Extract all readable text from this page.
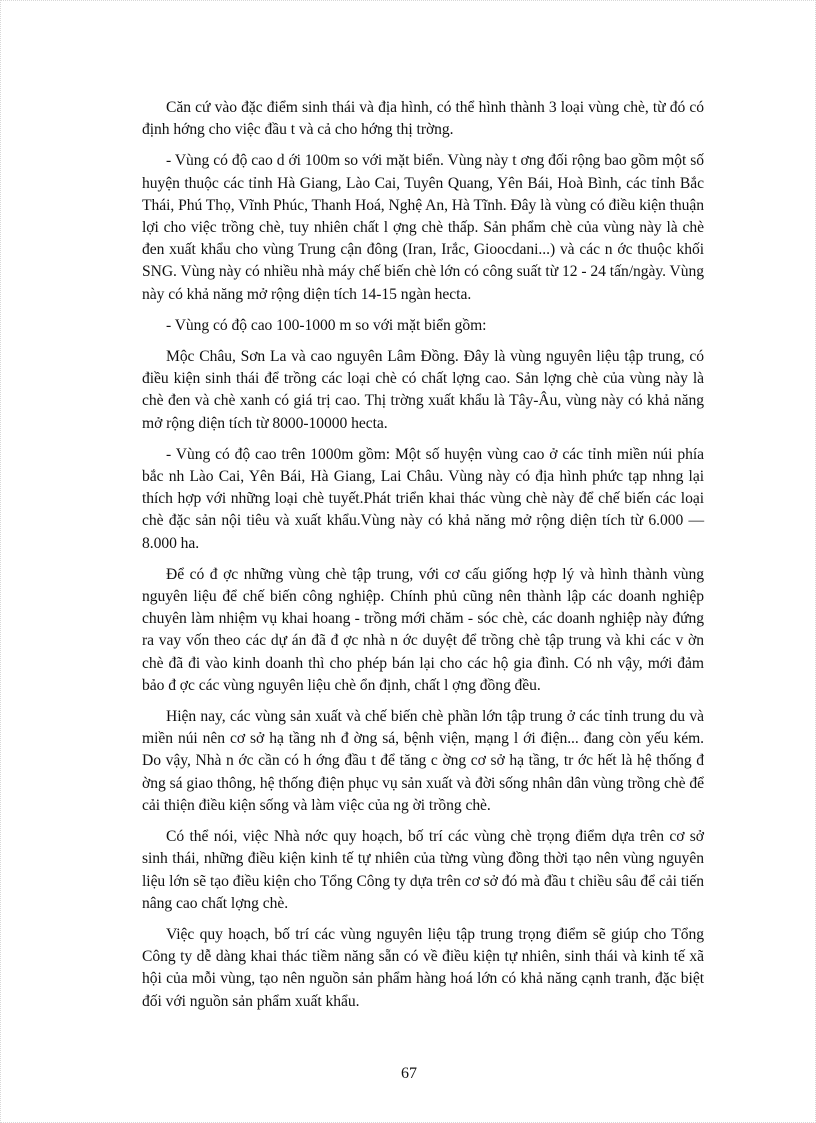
Căn cứ vào đặc điểm sinh thái và địa hình, có thể hình thành 3 loại vùng chè, từ đó có định hớng cho việc đầu t và cả cho hớng thị trờng.

- Vùng có độ cao d ới 100m so với mặt biển. Vùng này t ơng đối rộng bao gồm một số huyện thuộc các tỉnh Hà Giang, Lào Cai, Tuyên Quang, Yên Bái, Hoà Bình, các tỉnh Bắc Thái, Phú Thọ, Vĩnh Phúc, Thanh Hoá, Nghệ An, Hà Tĩnh. Đây là vùng có điều kiện thuận lợi cho việc trồng chè, tuy nhiên chất l ợng chè thấp. Sản phẩm chè của vùng này là chè đen xuất khẩu cho vùng Trung cận đông (Iran, Irắc, Gioocdani...) và các n ớc thuộc khối SNG. Vùng này có nhiều nhà máy chế biến chè lớn có công suất từ 12 - 24 tấn/ngày. Vùng này có khả năng mở rộng diện tích 14-15 ngàn hecta.

- Vùng có độ cao 100-1000 m so với mặt biển gồm:

Mộc Châu, Sơn La và cao nguyên Lâm Đồng. Đây là vùng nguyên liệu tập trung, có điều kiện sinh thái để trồng các loại chè có chất lợng cao. Sản lợng chè của vùng này là chè đen và chè xanh có giá trị cao. Thị trờng xuất khẩu là Tây-Âu, vùng này có khả năng mở rộng diện tích từ 8000-10000 hecta.

- Vùng có độ cao trên 1000m gồm: Một số huyện vùng cao ở các tỉnh miền núi phía bắc nh Lào Cai, Yên Bái, Hà Giang, Lai Châu. Vùng này có địa hình phức tạp nhng lại thích hợp với những loại chè tuyết.Phát triển khai thác vùng chè này để chế biến các loại chè đặc sản nội tiêu và xuất khẩu.Vùng này có khả năng mở rộng diện tích từ 6.000 — 8.000 ha.

Để có đ ợc những vùng chè tập trung, với cơ cấu giống hợp lý và hình thành vùng nguyên liệu để chế biến công nghiệp. Chính phủ cũng nên thành lập các doanh nghiệp chuyên làm nhiệm vụ khai hoang - trồng mới chăm - sóc chè, các doanh nghiệp này đứng ra vay vốn theo các dự án đã đ ợc nhà n ớc duyệt để trồng chè tập trung và khi các v ờn chè đã đi vào kinh doanh thì cho phép bán lại cho các hộ gia đình. Có nh vậy, mới đảm bảo đ ợc các vùng nguyên liệu chè ổn định, chất l ợng đồng đều.

Hiện nay, các vùng sản xuất và chế biến chè phần lớn tập trung ở các tỉnh trung du và miền núi nên cơ sở hạ tầng nh đ ờng sá, bệnh viện, mạng l ới điện... đang còn yếu kém. Do vậy, Nhà n ớc cần có h ớng đầu t để tăng c ờng cơ sở hạ tầng, tr ớc hết là hệ thống đ ờng sá giao thông, hệ thống điện phục vụ sản xuất và đời sống nhân dân vùng trồng chè để cải thiện điều kiện sống và làm việc của ng ời trồng chè.

Có thể nói, việc Nhà nớc quy hoạch, bố trí các vùng chè trọng điểm dựa trên cơ sở sinh thái, những điều kiện kinh tế tự nhiên của từng vùng đồng thời tạo nên vùng nguyên liệu lớn sẽ tạo điều kiện cho Tổng Công ty dựa trên cơ sở đó mà đầu t chiều sâu để cải tiến nâng cao chất lợng chè.

Việc quy hoạch, bố trí các vùng nguyên liệu tập trung trọng điểm sẽ giúp cho Tổng Công ty dễ dàng khai thác tiềm năng sẵn có về điều kiện tự nhiên, sinh thái và kinh tế xã hội của mỗi vùng, tạo nên nguồn sản phẩm hàng hoá lớn có khả năng cạnh tranh, đặc biệt đối với nguồn sản phẩm xuất khẩu.

67
